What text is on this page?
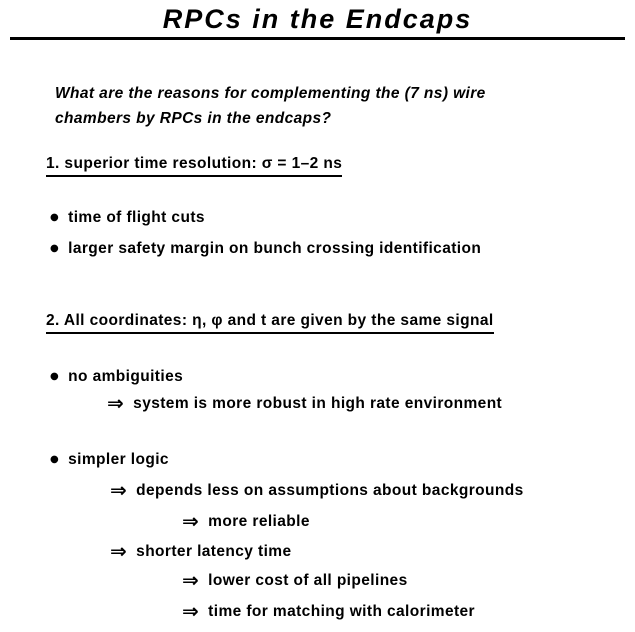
RPCs in the Endcaps
What are the reasons for complementing the (7 ns) wire
chambers by RPCs in the endcaps?
1. superior time resolution: σ = 1–2 ns
● time of flight cuts
● larger safety margin on bunch crossing identification
2. All coordinates: η, φ and t are given by the same signal
● no ambiguities
⇒ system is more robust in high rate environment
● simpler logic
⇒ depends less on assumptions about backgrounds
⇒ more reliable
⇒ shorter latency time
⇒ lower cost of all pipelines
⇒ time for matching with calorimeter
